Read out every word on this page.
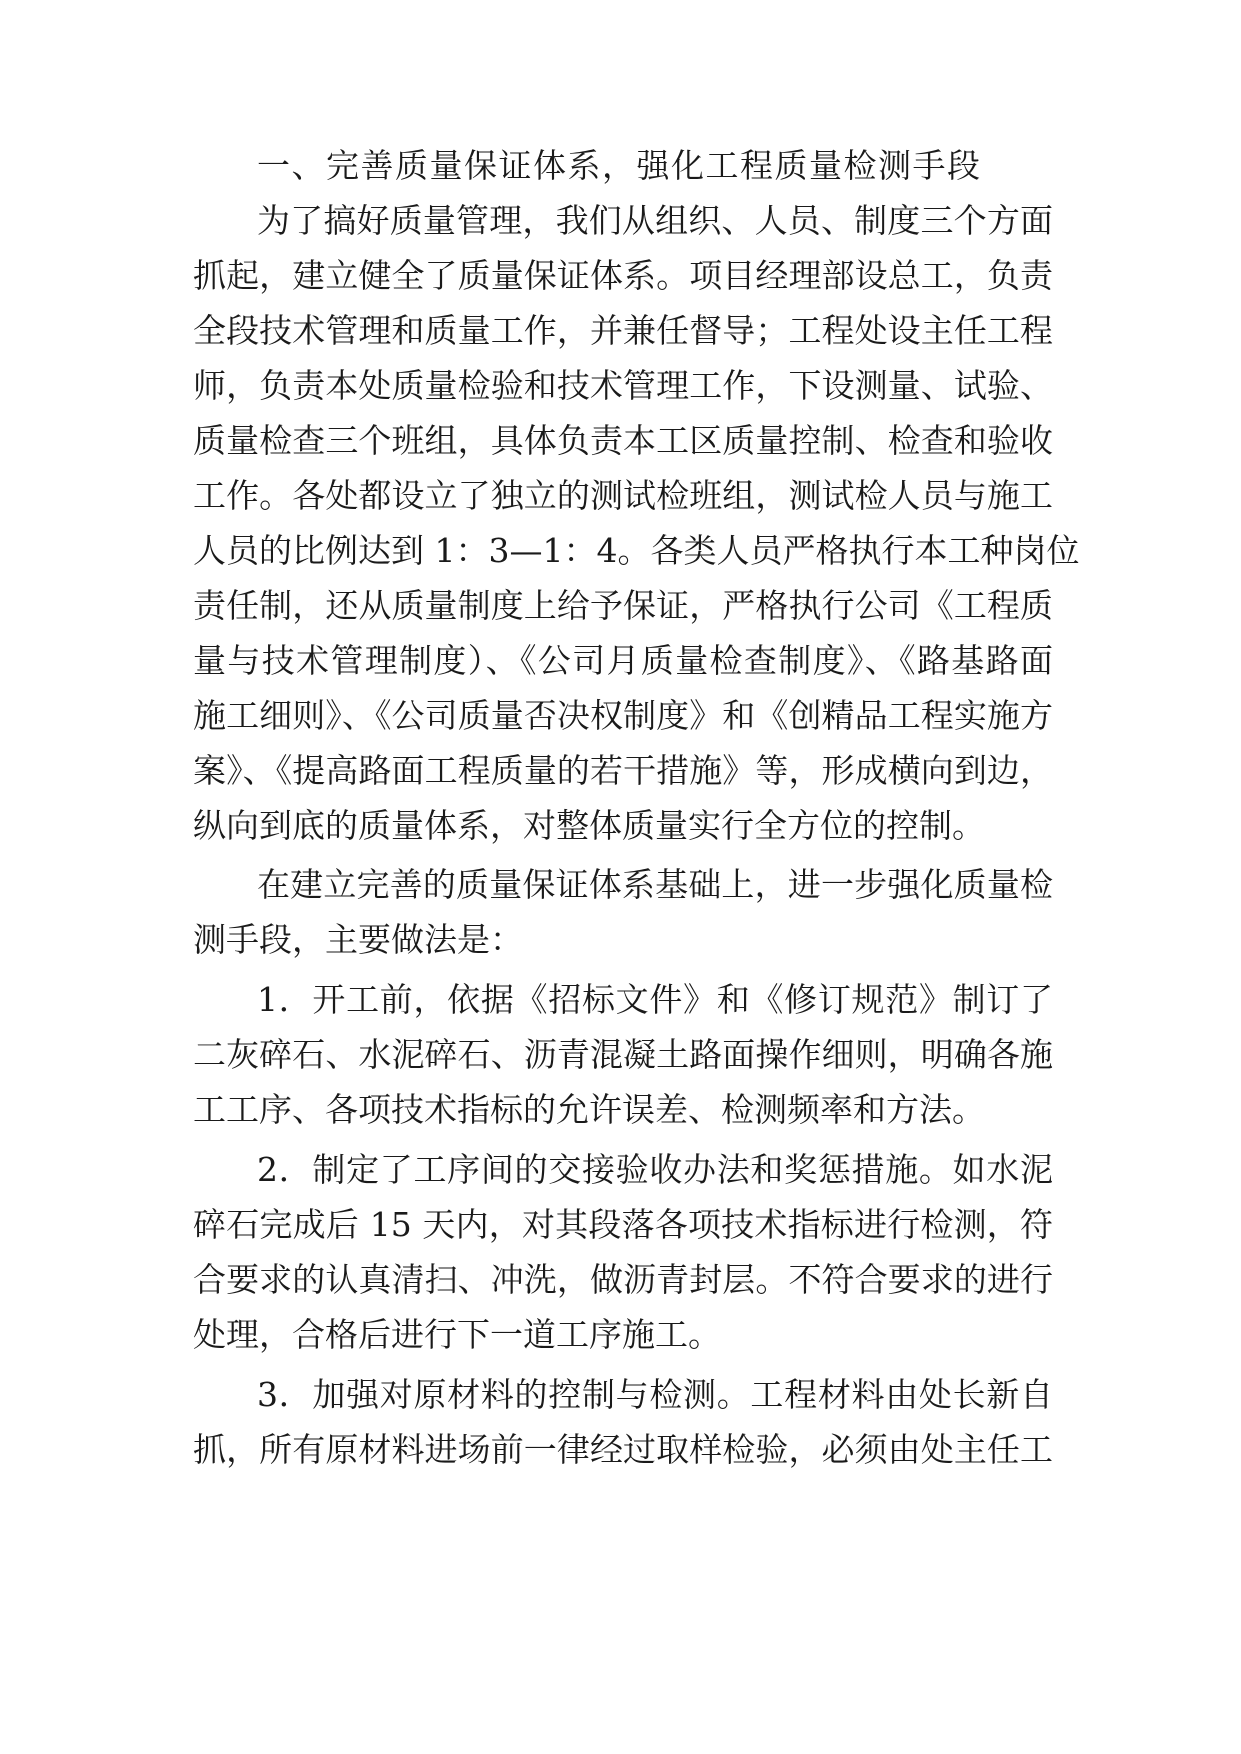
一、完善质量保证体系，强化工程质量检测手段
为了搞好质量管理，我们从组织、人员、制度三个方面
抓起，建立健全了质量保证体系。项目经理部设总工，负责
全段技术管理和质量工作，并兼任督导；工程处设主任工程
师，负责本处质量检验和技术管理工作，下设测量、试验、
质量检查三个班组，具体负责本工区质量控制、检查和验收
工作。各处都设立了独立的测试检班组，测试检人员与施工
人员的比例达到 1：3—1：4。各类人员严格执行本工种岗位
责任制，还从质量制度上给予保证，严格执行公司《工程质
量与技术管理制度）、《公司月质量检查制度》、《路基路面
施工细则》、《公司质量否决权制度》和《创精品工程实施方
案》、《提高路面工程质量的若干措施》等，形成横向到边，
纵向到底的质量体系，对整体质量实行全方位的控制。
在建立完善的质量保证体系基础上，进一步强化质量检
测手段，主要做法是：
1．开工前，依据《招标文件》和《修订规范》制订了
二灰碎石、水泥碎石、沥青混凝土路面操作细则，明确各施
工工序、各项技术指标的允许误差、检测频率和方法。
2．制定了工序间的交接验收办法和奖惩措施。如水泥
碎石完成后 15 天内，对其段落各项技术指标进行检测，符
合要求的认真清扫、冲洗，做沥青封层。不符合要求的进行
处理，合格后进行下一道工序施工。
3．加强对原材料的控制与检测。工程材料由处长新自
抓，所有原材料进场前一律经过取样检验，必须由处主任工
